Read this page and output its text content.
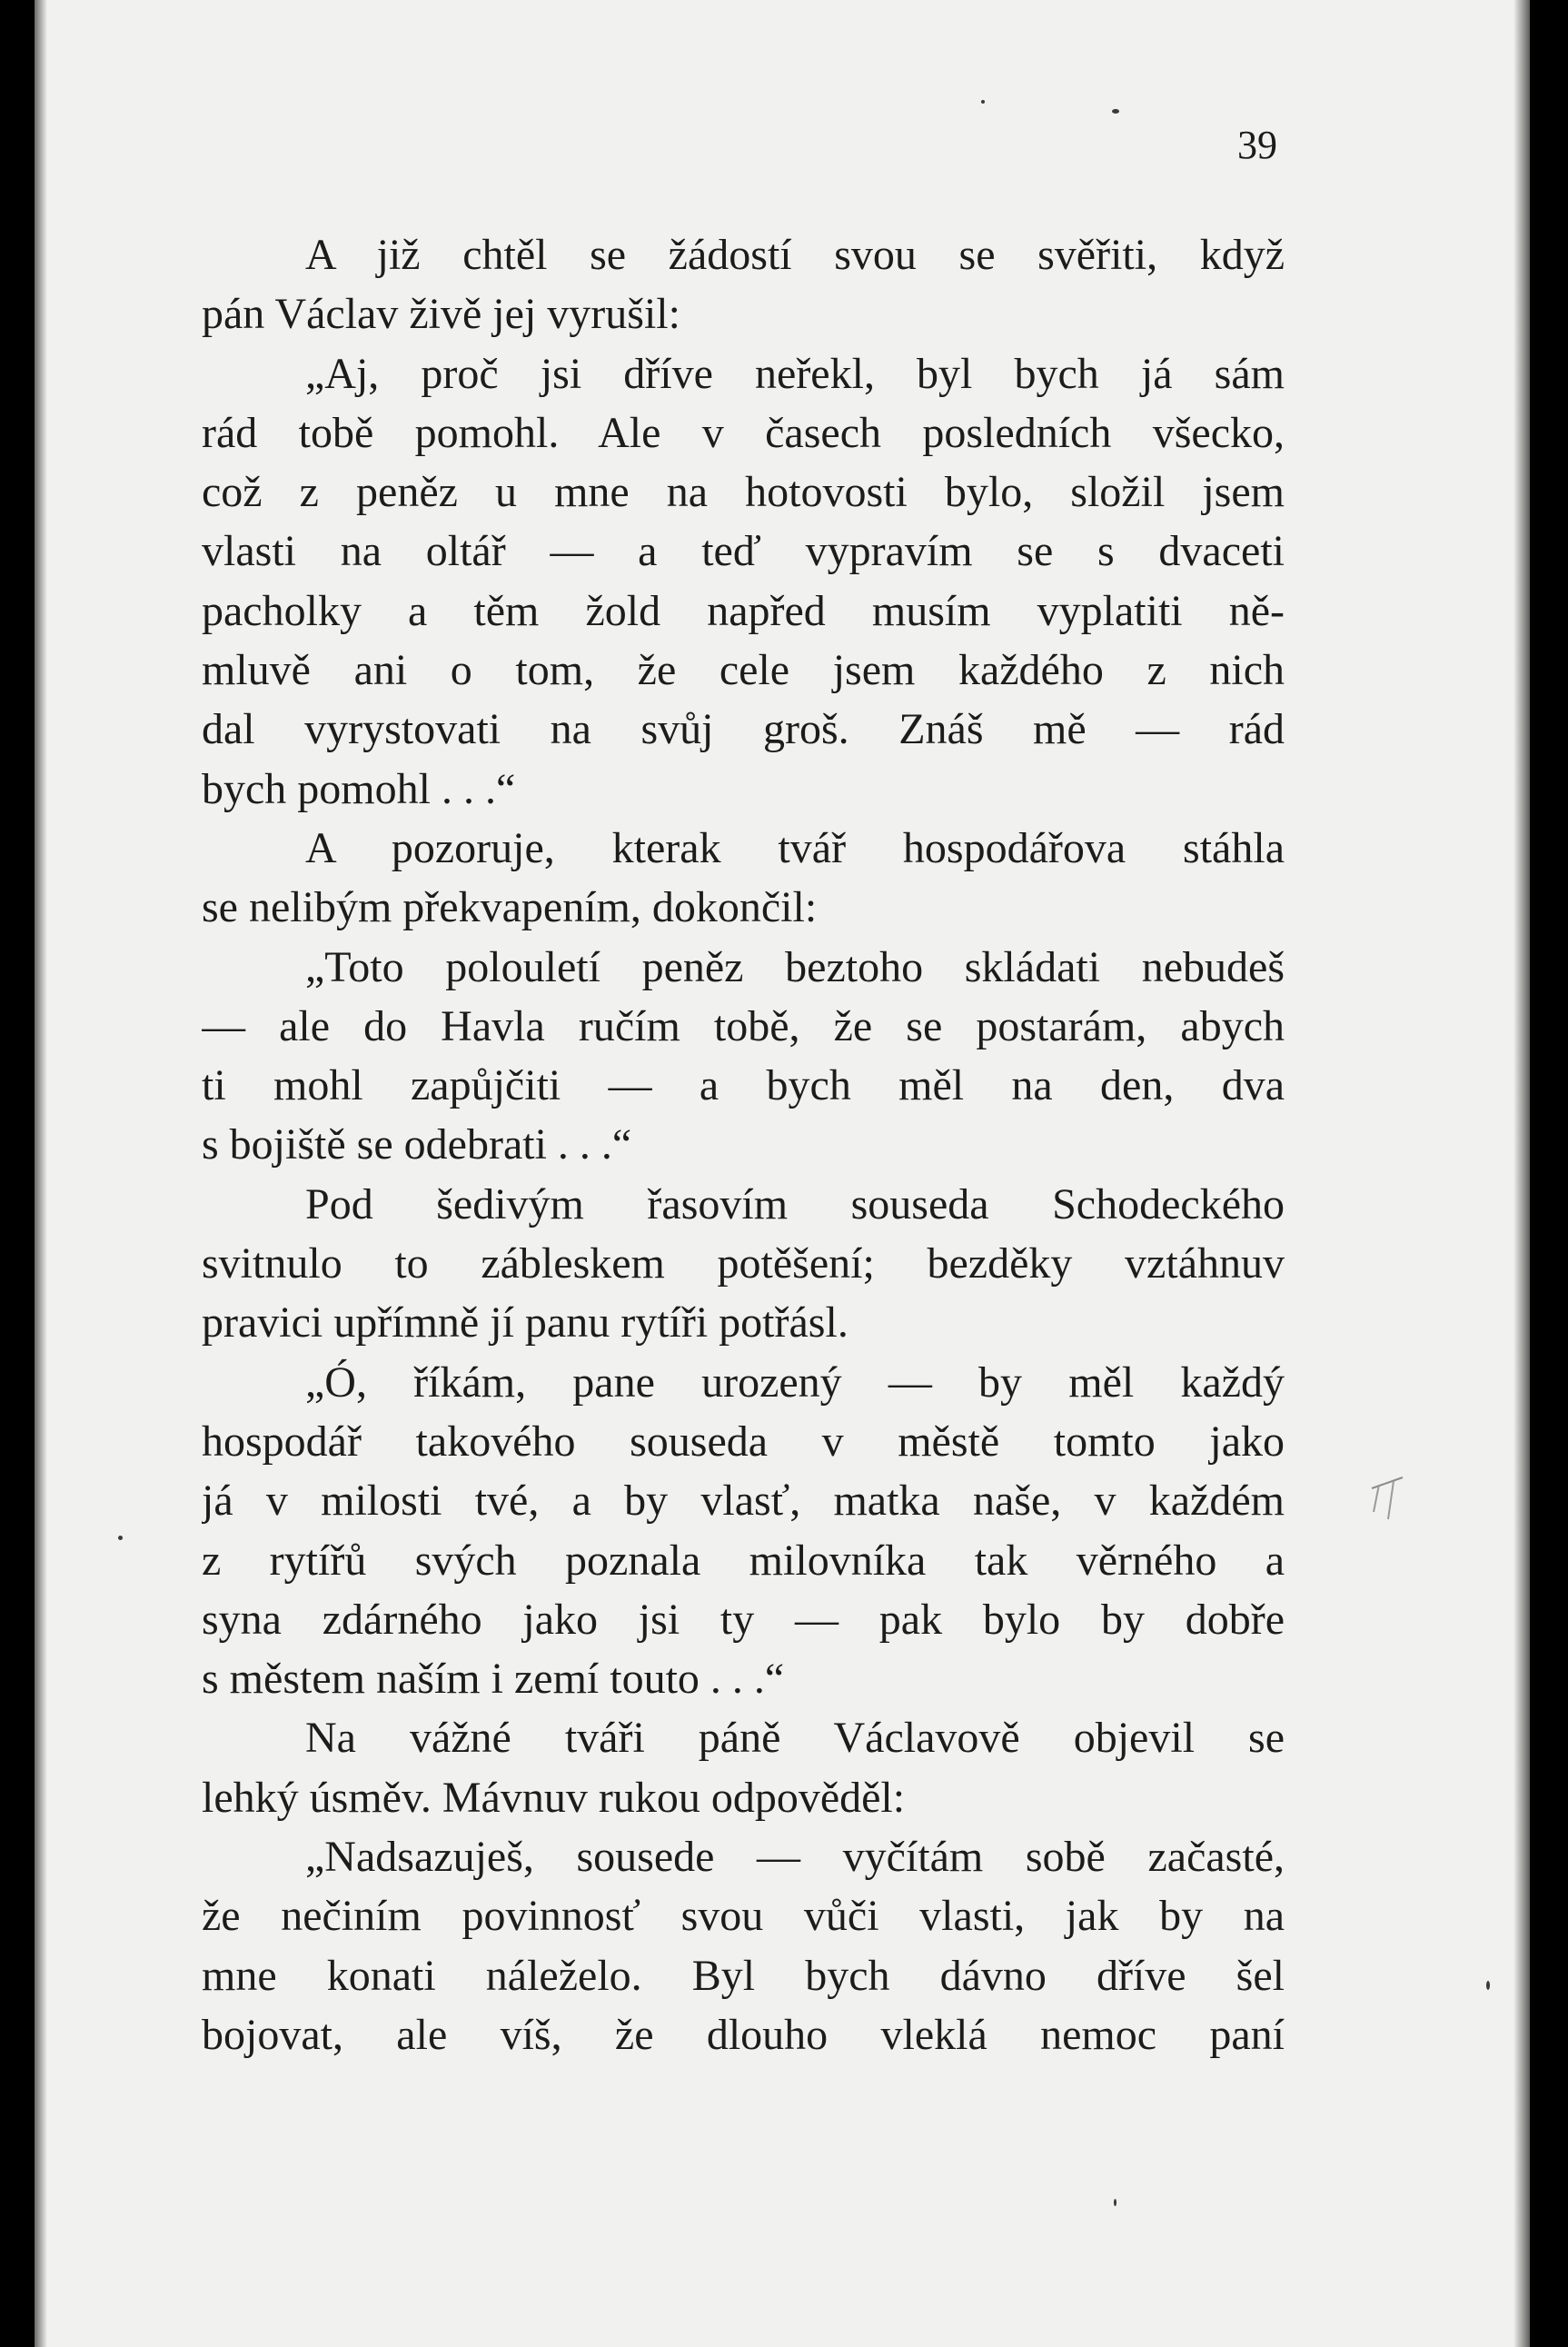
39

A již chtěl se žádostí svou se svěřiti, když
pán Václav živě jej vyrušil:
„Aj, proč jsi dříve neřekl, byl bych já sám
rád tobě pomohl. Ale v časech posledních všecko,
což z peněz u mne na hotovosti bylo, složil jsem
vlasti na oltář — a teď vypravím se s dvaceti
pacholky a těm žold napřed musím vyplatiti ně-
mluvě ani o tom, že cele jsem každého z nich
dal vyrystovati na svůj groš. Znáš mě — rád
bych pomohl . . .“
A pozoruje, kterak tvář hospodářova stáhla
se nelibým překvapením, dokončil:
„Toto polouletí peněz beztoho skládati nebudeš
— ale do Havla ručím tobě, že se postarám, abych
ti mohl zapůjčiti — a bych měl na den, dva
s bojiště se odebrati . . .“
Pod šedivým řasovím souseda Schodeckého
svitnulo to zábleskem potěšení; bezděky vztáhnuv
pravici upřímně jí panu rytíři potřásl.
„Ó, říkám, pane urozený — by měl každý
hospodář takového souseda v městě tomto jako
já v milosti tvé, a by vlasť, matka naše, v každém
z rytířů svých poznala milovníka tak věrného a
syna zdárného jako jsi ty — pak bylo by dobře
s městem naším i zemí touto . . .“
Na vážné tváři páně Václavově objevil se
lehký úsměv. Mávnuv rukou odpověděl:
„Nadsazuješ, sousede — vyčítám sobě začasté,
že nečiním povinnosť svou vůči vlasti, jak by na
mne konati náleželo. Byl bych dávno dříve šel
bojovat, ale víš, že dlouho vleklá nemoc paní
